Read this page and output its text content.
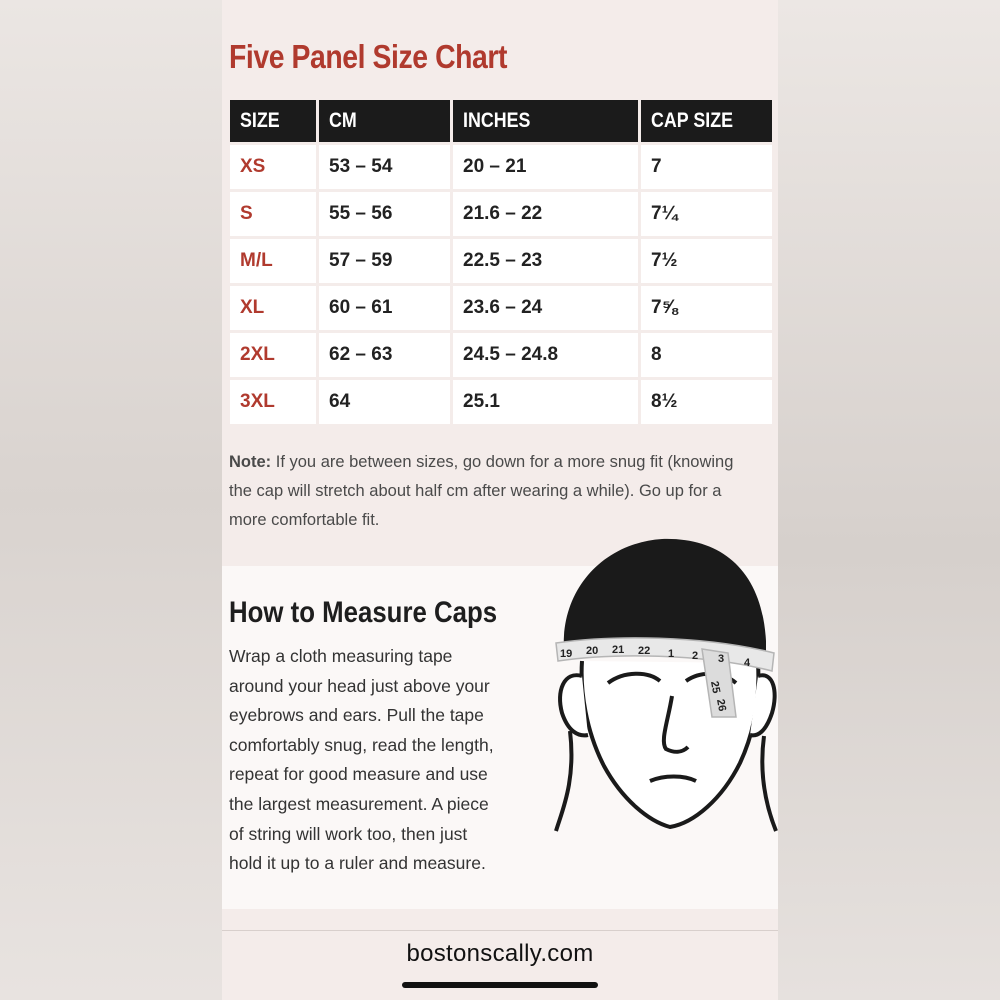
Five Panel Size Chart
SIZE	CM	INCHES	CAP SIZE
XS	53 – 54	20 – 21	7
S	55 – 56	21.6 – 22	7¼
M/L	57 – 59	22.5 – 23	7½
XL	60 – 61	23.6 – 24	7⅝
2XL	62 – 63	24.5 – 24.8	8
3XL	64	25.1	8½
Note: If you are between sizes, go down for a more snug fit (knowing
the cap will stretch about half cm after wearing a while). Go up for a
more comfortable fit.
How to Measure Caps
Wrap a cloth measuring tape
around your head just above your
eyebrows and ears. Pull the tape
comfortably snug, read the length,
repeat for good measure and use
the largest measurement. A piece
of string will work too, then just
hold it up to a ruler and measure.
19 20 21 22 1 2 3 4
25
26
bostonscally.com
